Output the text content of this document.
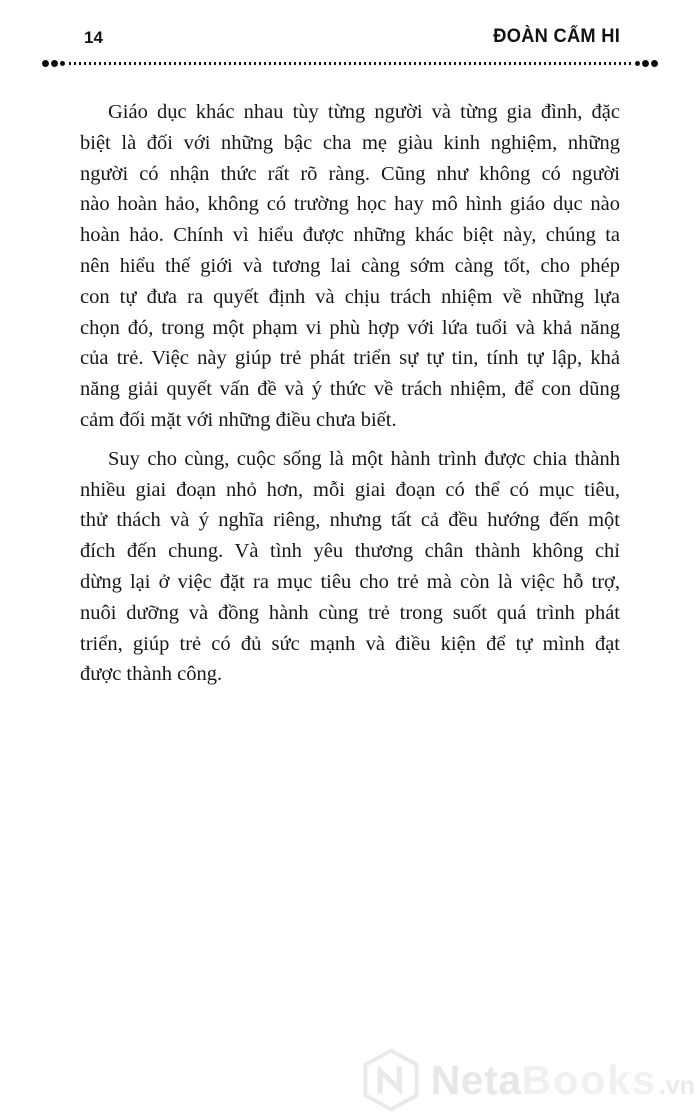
14	ĐOÀN CẨM HI
Giáo dục khác nhau tùy từng người và từng gia đình, đặc
biệt là đối với những bậc cha mẹ giàu kinh nghiệm, những
người có nhận thức rất rõ ràng. Cũng như không có người
nào hoàn hảo, không có trường học hay mô hình giáo dục nào
hoàn hảo. Chính vì hiểu được những khác biệt này, chúng ta
nên hiểu thế giới và tương lai càng sớm càng tốt, cho phép
con tự đưa ra quyết định và chịu trách nhiệm về những lựa
chọn đó, trong một phạm vi phù hợp với lứa tuổi và khả năng
của trẻ. Việc này giúp trẻ phát triển sự tự tin, tính tự lập, khả
năng giải quyết vấn đề và ý thức về trách nhiệm, để con dũng
cảm đối mặt với những điều chưa biết.
Suy cho cùng, cuộc sống là một hành trình được chia thành
nhiều giai đoạn nhỏ hơn, mỗi giai đoạn có thể có mục tiêu,
thử thách và ý nghĩa riêng, nhưng tất cả đều hướng đến một
đích đến chung. Và tình yêu thương chân thành không chỉ
dừng lại ở việc đặt ra mục tiêu cho trẻ mà còn là việc hỗ trợ,
nuôi dưỡng và đồng hành cùng trẻ trong suốt quá trình phát
triển, giúp trẻ có đủ sức mạnh và điều kiện để tự mình đạt
được thành công.
Neta Books .vn
